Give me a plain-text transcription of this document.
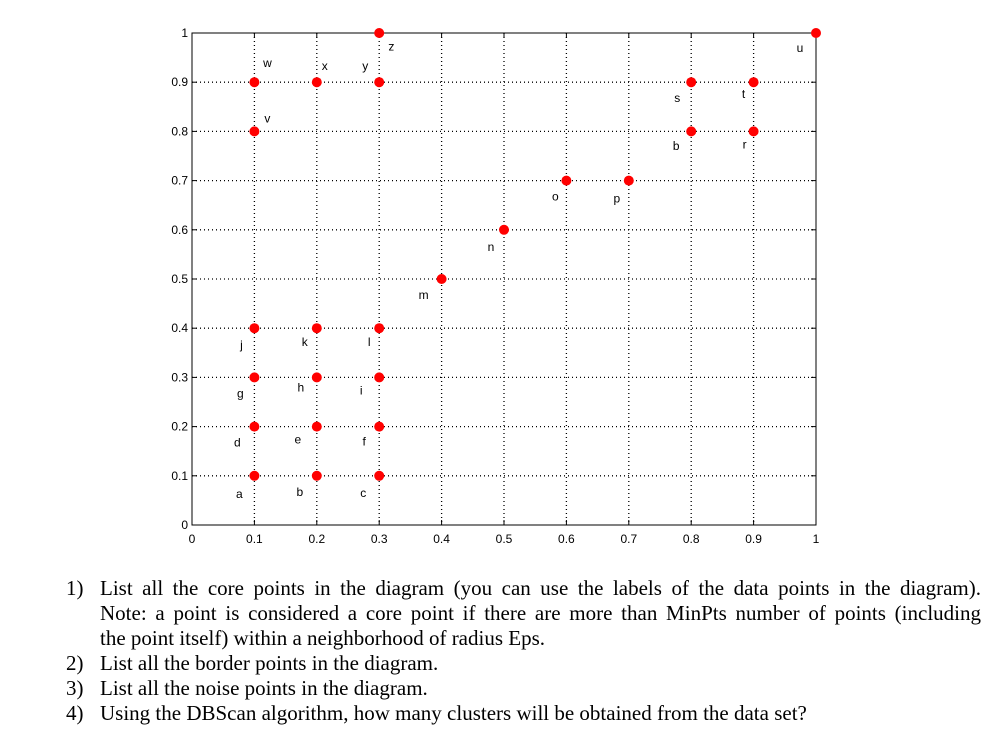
0	0.1	0.2	0.3	0.4	0.5	0.6	0.7	0.8	0.9	1
0
0.1
0.2
0.3
0.4
0.5
0.6
0.7
0.8
0.9
1
a	b	c
d	e	f
g	h	i
j	k	l
m
n
o	p
q	r
s	t
u
v
w	x	y
z
1) List all the core points in the diagram (you can use the labels of the data points in the diagram).
Note: a point is considered a core point if there are more than MinPts number of points (including
the point itself) within a neighborhood of radius Eps.
2) List all the border points in the diagram.
3) List all the noise points in the diagram.
4) Using the DBScan algorithm, how many clusters will be obtained from the data set?
